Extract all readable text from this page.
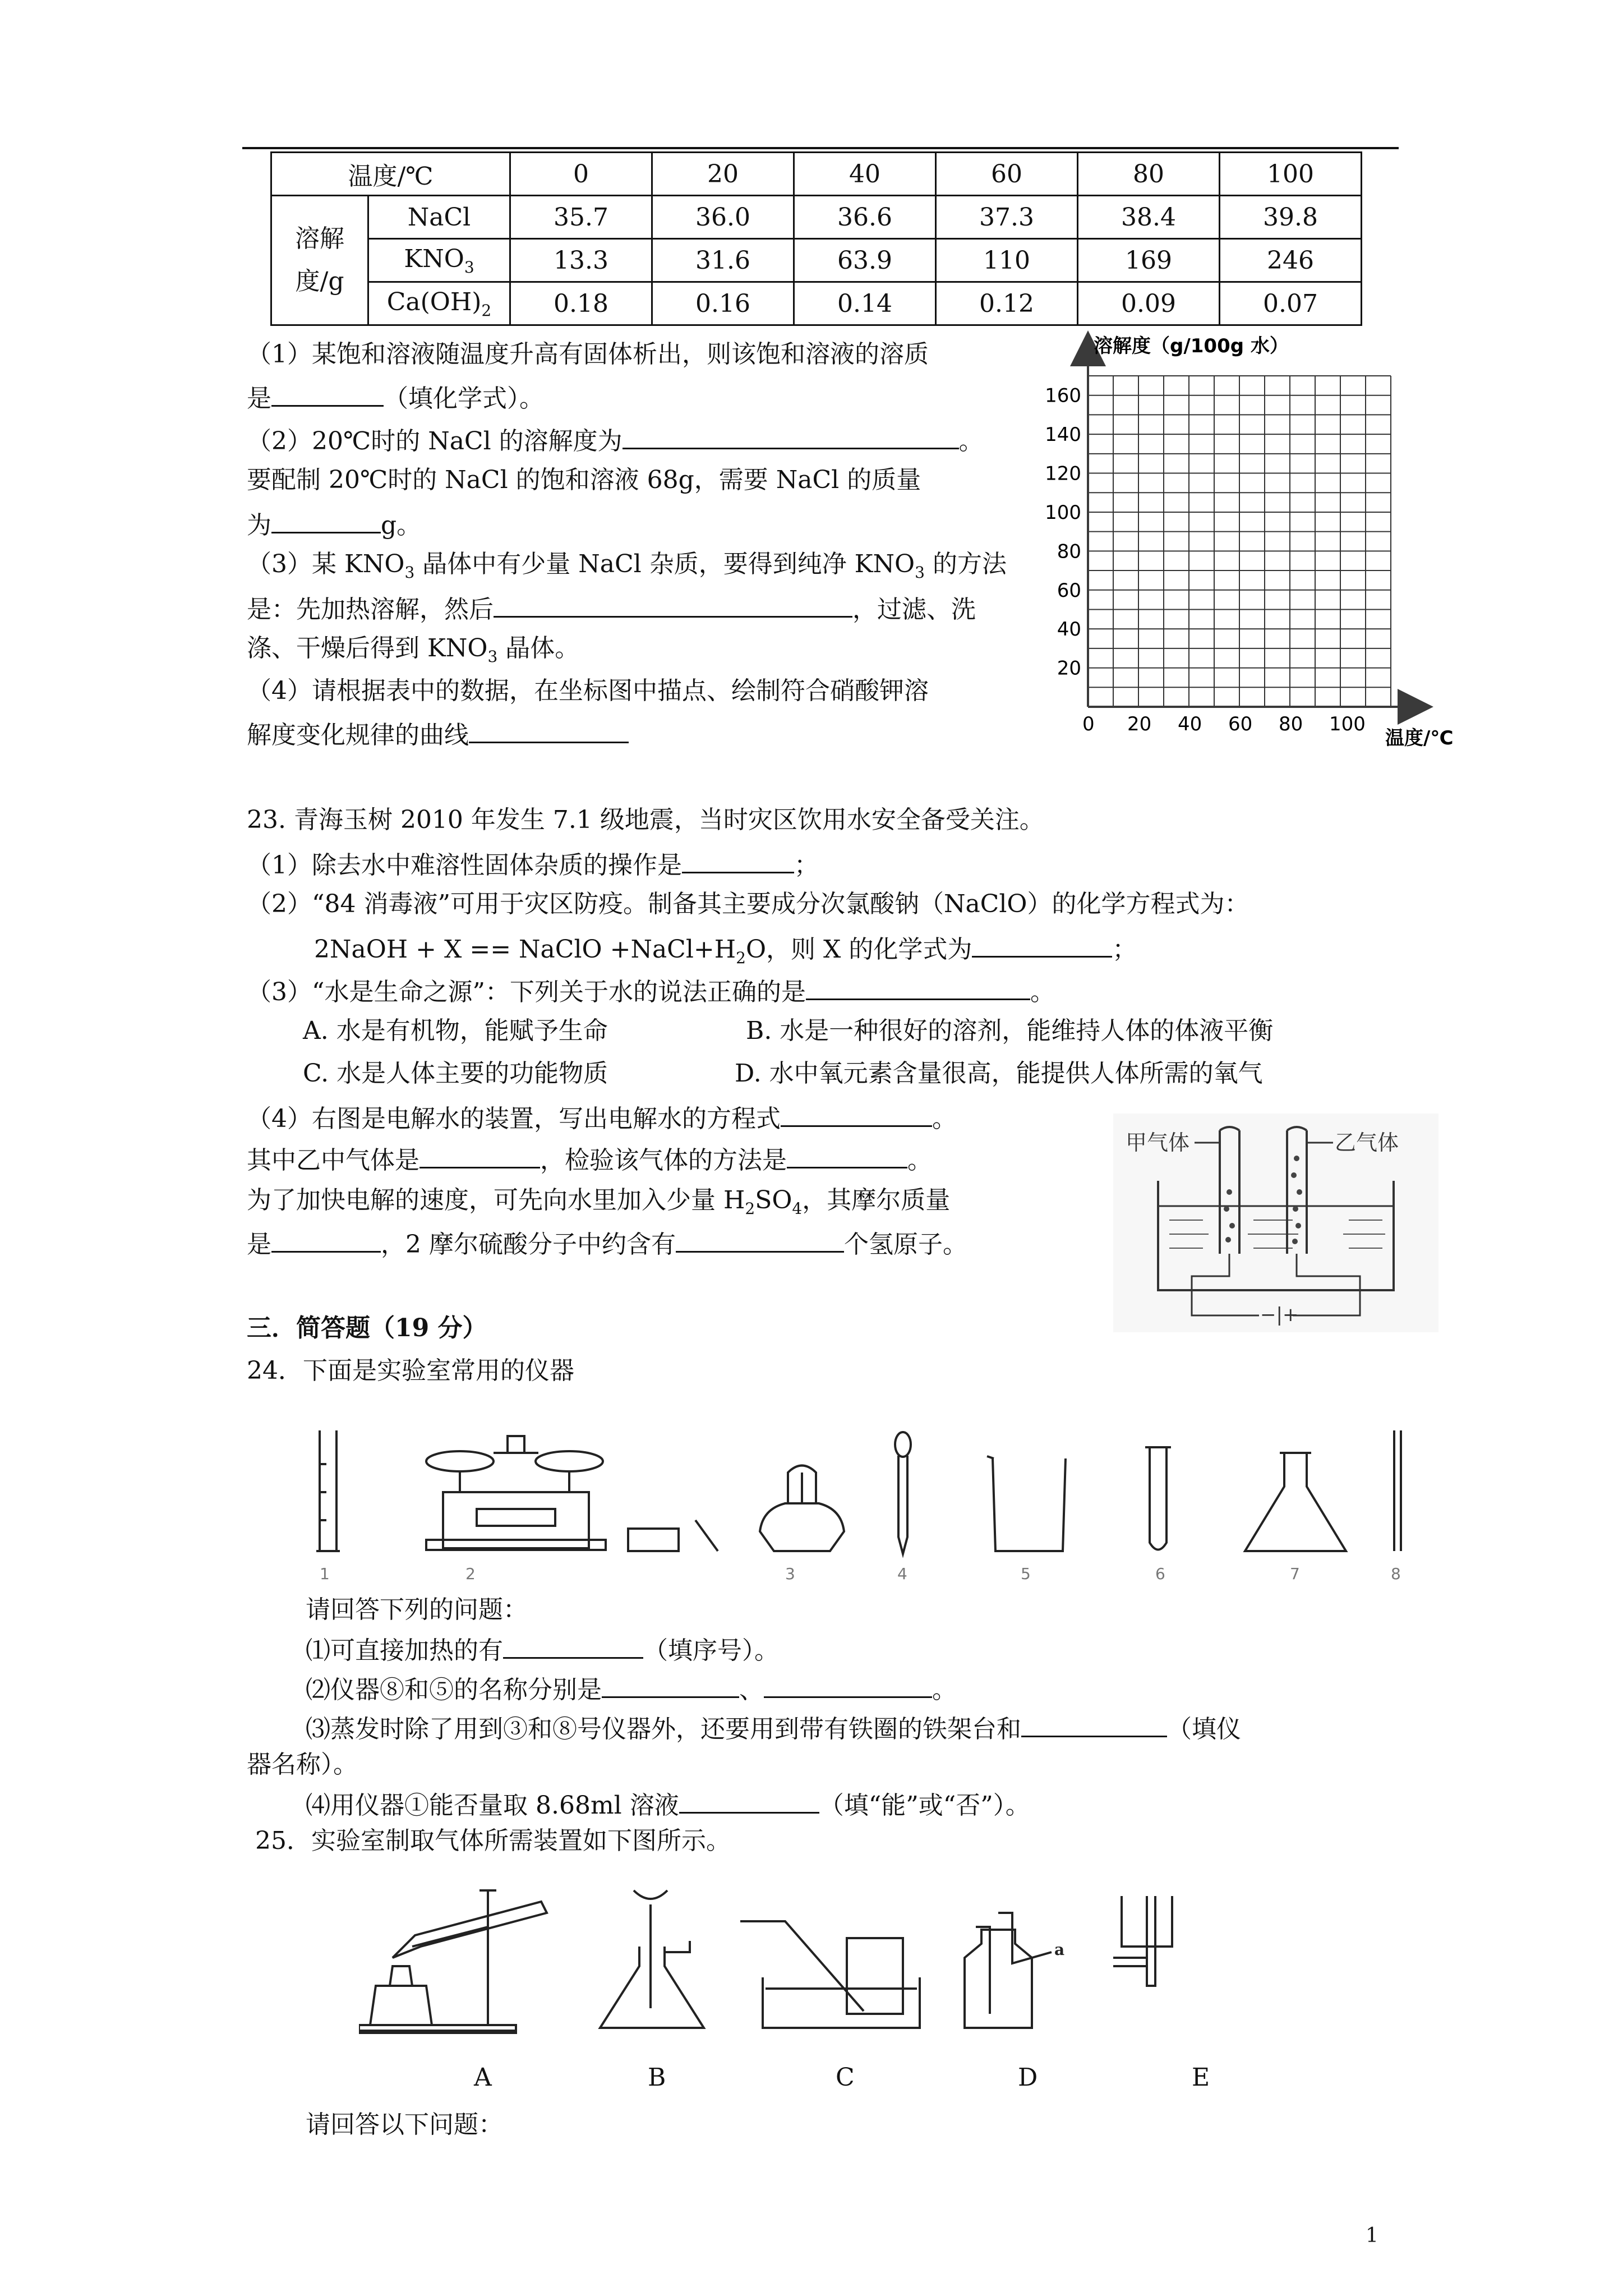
温度/℃		0	20	40	60	80	100

溶解
度/g	NaCl	35.7	36.0	36.6	37.3	38.4	39.8
	$KNO_3$	13.3	31.6	63.9	110	169	246
	$Ca(OH)_2$	0.18	0.16	0.14	0.12	0.09	0.07
（1）某饱和溶液随温度升高有固体析出，则该饱和溶液的溶质
是	（填化学式）。
（2）20℃时的 NaCl 的溶解度为	。
要配制 20℃时的 NaCl 的饱和溶液 68g，需要 NaCl 的质量
为	g。
（3）某 $KNO_3$ 晶体中有少量 NaCl 杂质，要得到纯净 $KNO_3$ 的方法
是：先加热溶解，然后	，过滤、洗
涤、干燥后得到 $KNO_3$ 晶体。
（4）请根据表中的数据，在坐标图中描点、绘制符合硝酸钾溶
解度变化规律的曲线
溶解度（g/100g 水）
温度/℃
0 20 40 60 80 100
20
40
60
80
100
120
140
160
23. 青海玉树 2010 年发生 7.1 级地震，当时灾区饮用水安全备受关注。
（1）除去水中难溶性固体杂质的操作是	；
（2）“84 消毒液”可用于灾区防疫。制备其主要成分次氯酸钠（NaClO）的化学方程式为：
2NaOH + X == NaClO $+NaCl+H_2O$，则 X 的化学式为	；
（3）“水是生命之源”：下列关于水的说法正确的是	。
A. 水是有机物，能赋予生命	B. 水是一种很好的溶剂，能维持人体的体液平衡
C. 水是人体主要的功能物质	D. 水中氧元素含量很高，能提供人体所需的氧气
（4）右图是电解水的装置，写出电解水的方程式	。
其中乙中气体是	，检验该气体的方法是	。
为了加快电解的速度，可先向水里加入少量 $H_2SO_4$，其摩尔质量
是	，2 摩尔硫酸分子中约含有	个氢原子。
甲气体	乙气体
−|+
三．简答题（19 分）
24．下面是实验室常用的仪器
1	2	3	4	5	6	7	8
请回答下列的问题：
⑴可直接加热的有	（填序号）。
⑵仪器⑧和⑤的名称分别是	、	。
⑶蒸发时除了用到③和⑧号仪器外，还要用到带有铁圈的铁架台和	（填仪
器名称）。
⑷用仪器①能否量取 8.68ml 溶液	（填“能”或“否”）。
25．实验室制取气体所需装置如下图所示。
a
A	B	C	D	E
请回答以下问题：
1
